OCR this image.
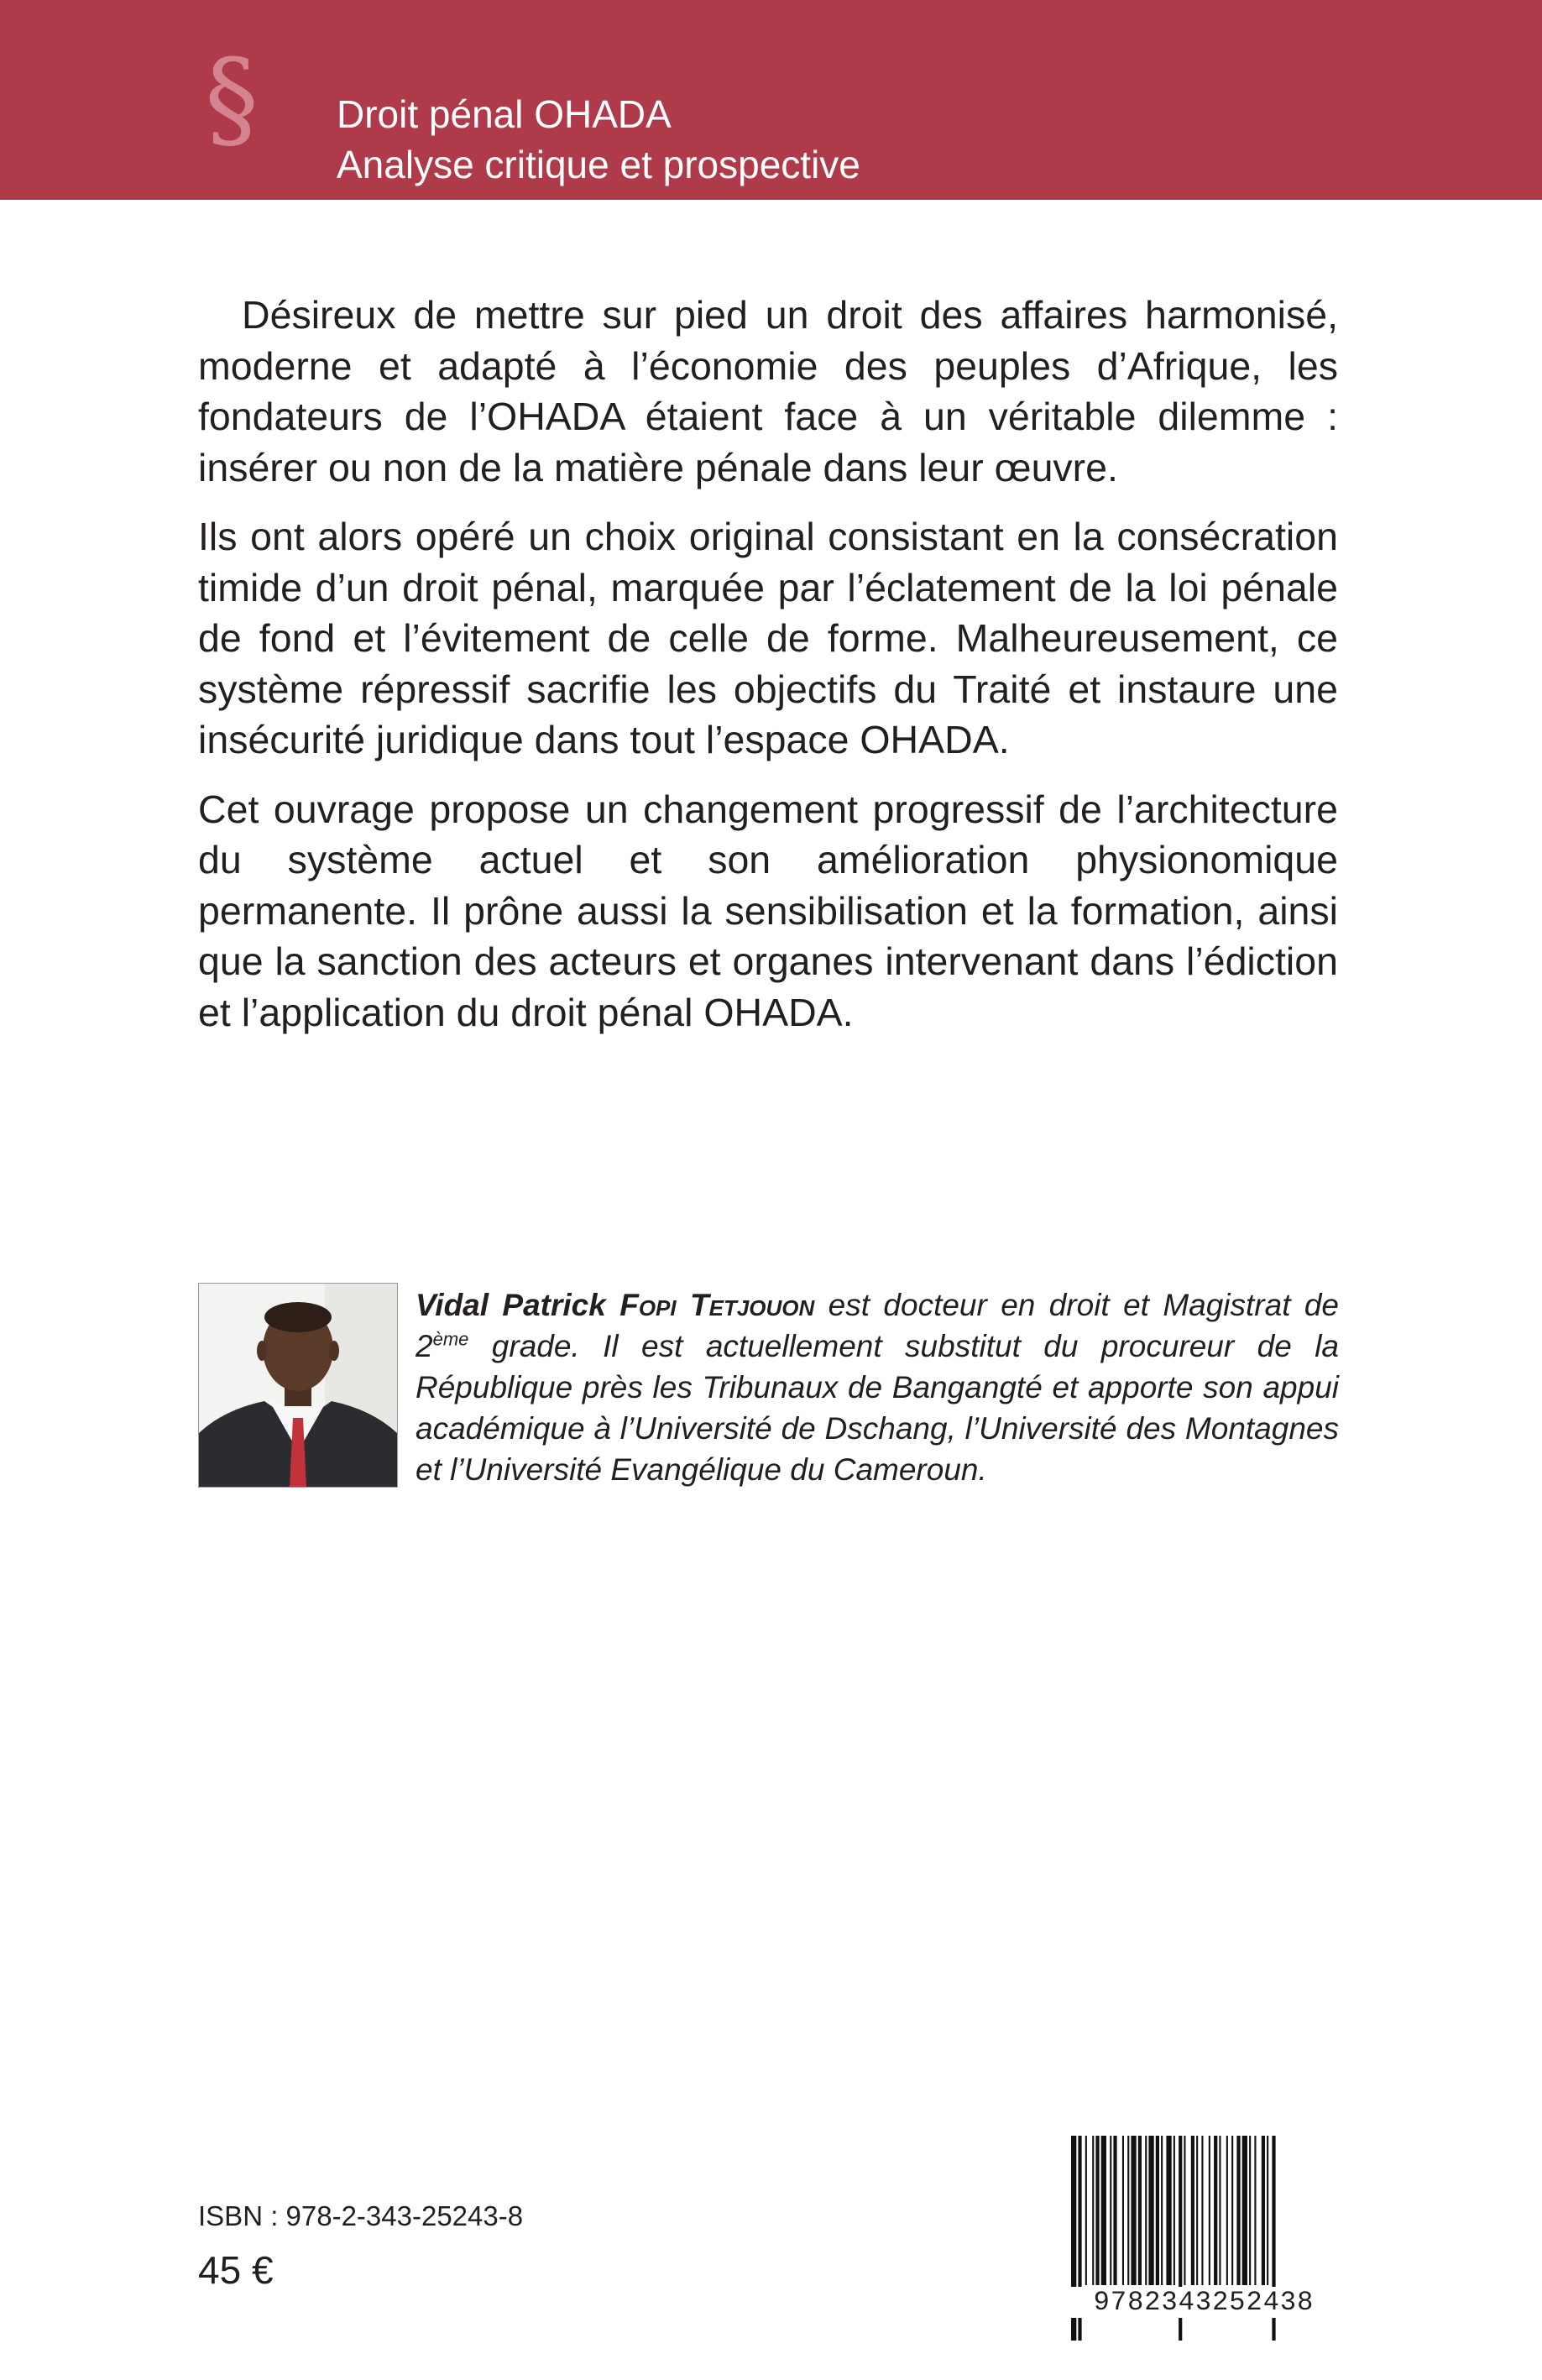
§ Droit pénal OHADA
Analyse critique et prospective

Désireux de mettre sur pied un droit des affaires harmonisé, moderne et adapté à l’économie des peuples d’Afrique, les fondateurs de l’OHADA étaient face à un véritable dilemme : insérer ou non de la matière pénale dans leur œuvre.

Ils ont alors opéré un choix original consistant en la consécration timide d’un droit pénal, marquée par l’éclatement de la loi pénale de fond et l’évitement de celle de forme. Malheureusement, ce système répressif sacrifie les objectifs du Traité et instaure une insécurité juridique dans tout l’espace OHADA.

Cet ouvrage propose un changement progressif de l’architecture du système actuel et son amélioration physionomique permanente. Il prône aussi la sensibilisation et la formation, ainsi que la sanction des acteurs et organes intervenant dans l’édiction et l’application du droit pénal OHADA.

Vidal Patrick Fopi Tetjouon est docteur en droit et Magistrat de 2ème grade. Il est actuellement substitut du procureur de la République près les Tribunaux de Bangangté et apporte son appui académique à l’Université de Dschang, l’Université des Montagnes et l’Université Evangélique du Cameroun.
ISBN : 978-2-343-25243-8
45 €
9782343252438
